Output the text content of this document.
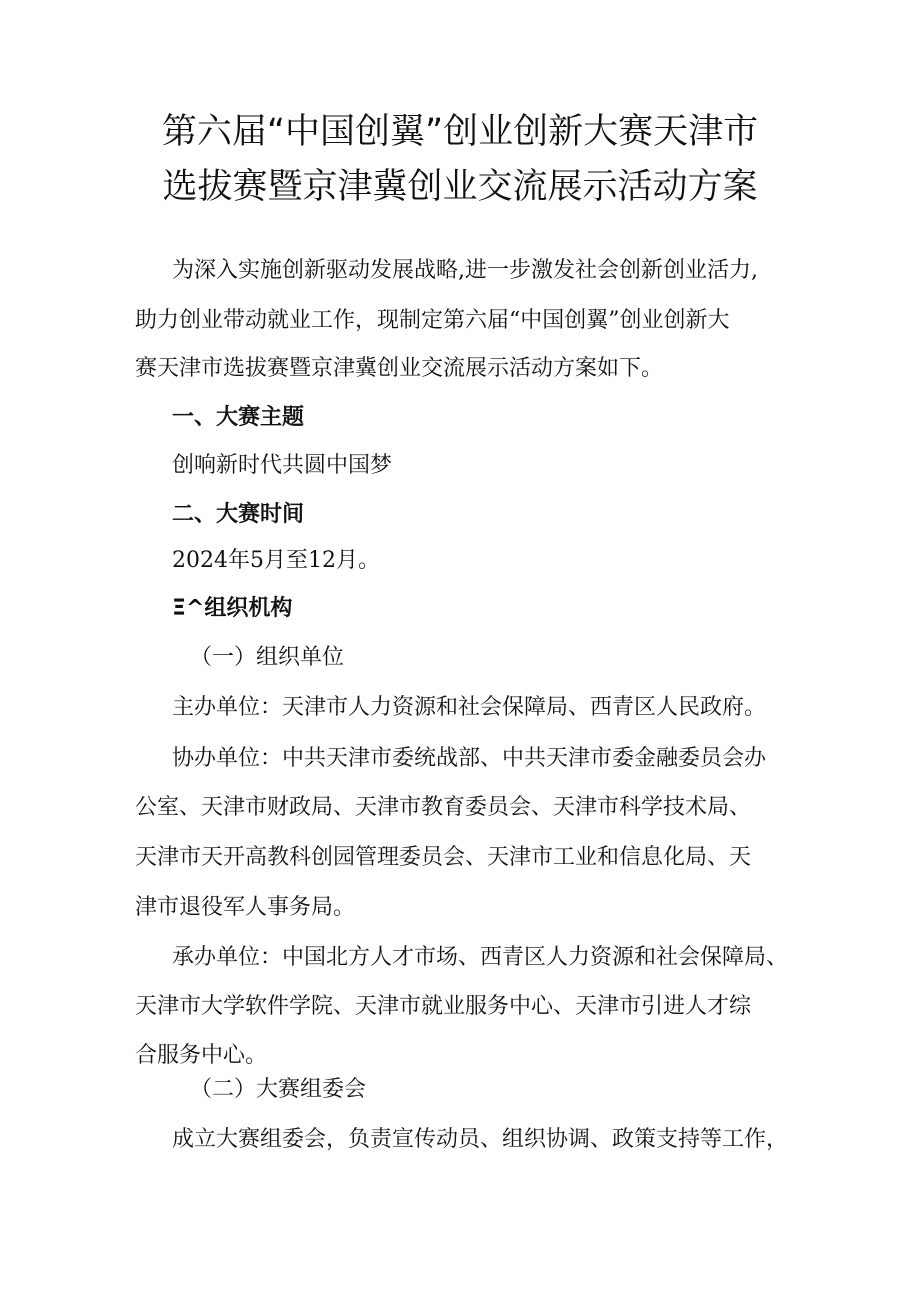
第六届“中国创翼”创业创新大赛天津市
选拔赛暨京津冀创业交流展示活动方案

为深入实施创新驱动发展战略,进一步激发社会创新创业活力,

助力创业带动就业工作，现制定第六届“中国创翼”创业创新大

赛天津市选拔赛暨京津冀创业交流展示活动方案如下。

一、大赛主题

创响新时代共圆中国梦

二、大赛时间

2024年5月至12月。

Ξ^组织机构

（一）组织单位

主办单位：天津市人力资源和社会保障局、西青区人民政府。

协办单位：中共天津市委统战部、中共天津市委金融委员会办

公室、天津市财政局、天津市教育委员会、天津市科学技术局、

天津市天开高教科创园管理委员会、天津市工业和信息化局、天

津市退役军人事务局。

承办单位：中国北方人才市场、西青区人力资源和社会保障局、

天津市大学软件学院、天津市就业服务中心、天津市引进人才综

合服务中心。

（二）大赛组委会

成立大赛组委会，负责宣传动员、组织协调、政策支持等工作，
